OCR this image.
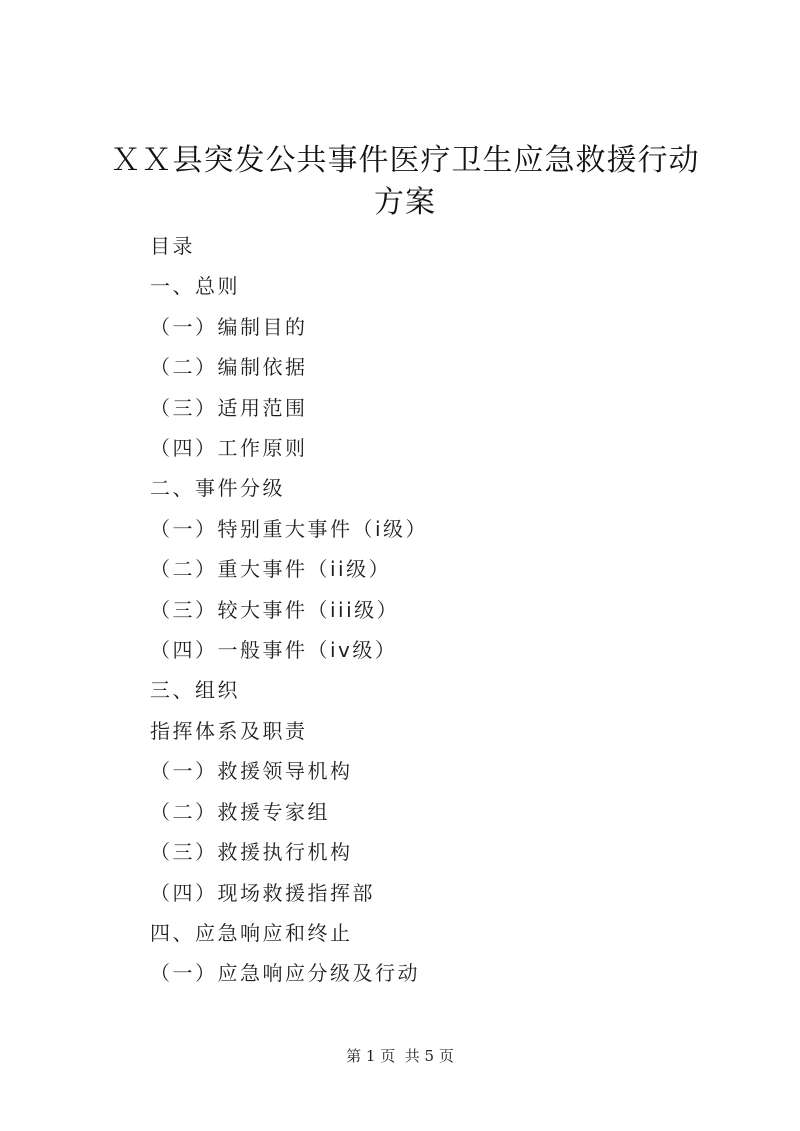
ＸＸ县突发公共事件医疗卫生应急救援行动方案
目录
一、总则
（一）编制目的
（二）编制依据
（三）适用范围
（四）工作原则
二、事件分级
（一）特别重大事件（i级）
（二）重大事件（ii级）
（三）较大事件（iii级）
（四）一般事件（iv级）
三、组织
指挥体系及职责
（一）救援领导机构
（二）救援专家组
（三）救援执行机构
（四）现场救援指挥部
四、应急响应和终止
（一）应急响应分级及行动
第 1 页  共 5 页
